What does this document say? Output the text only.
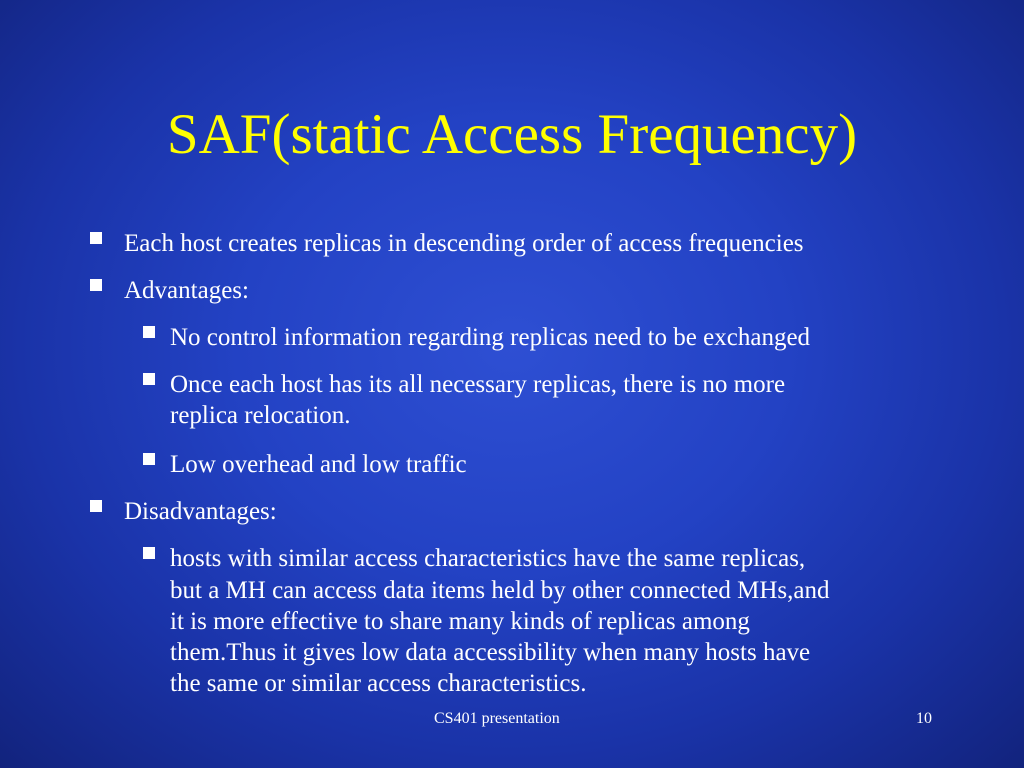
SAF(static Access Frequency)
Each host creates replicas in descending order of access frequencies
Advantages:
No control information regarding replicas need to be exchanged
Once each host has its all necessary replicas, there is no more
replica relocation.
Low overhead and low traffic
Disadvantages:
hosts with similar access characteristics have the same replicas,
but a MH can access data items held by other connected MHs,and
it is more effective to share many kinds of replicas among
them.Thus it gives low data accessibility when many hosts have
the same or similar access characteristics.
CS401 presentation	10
